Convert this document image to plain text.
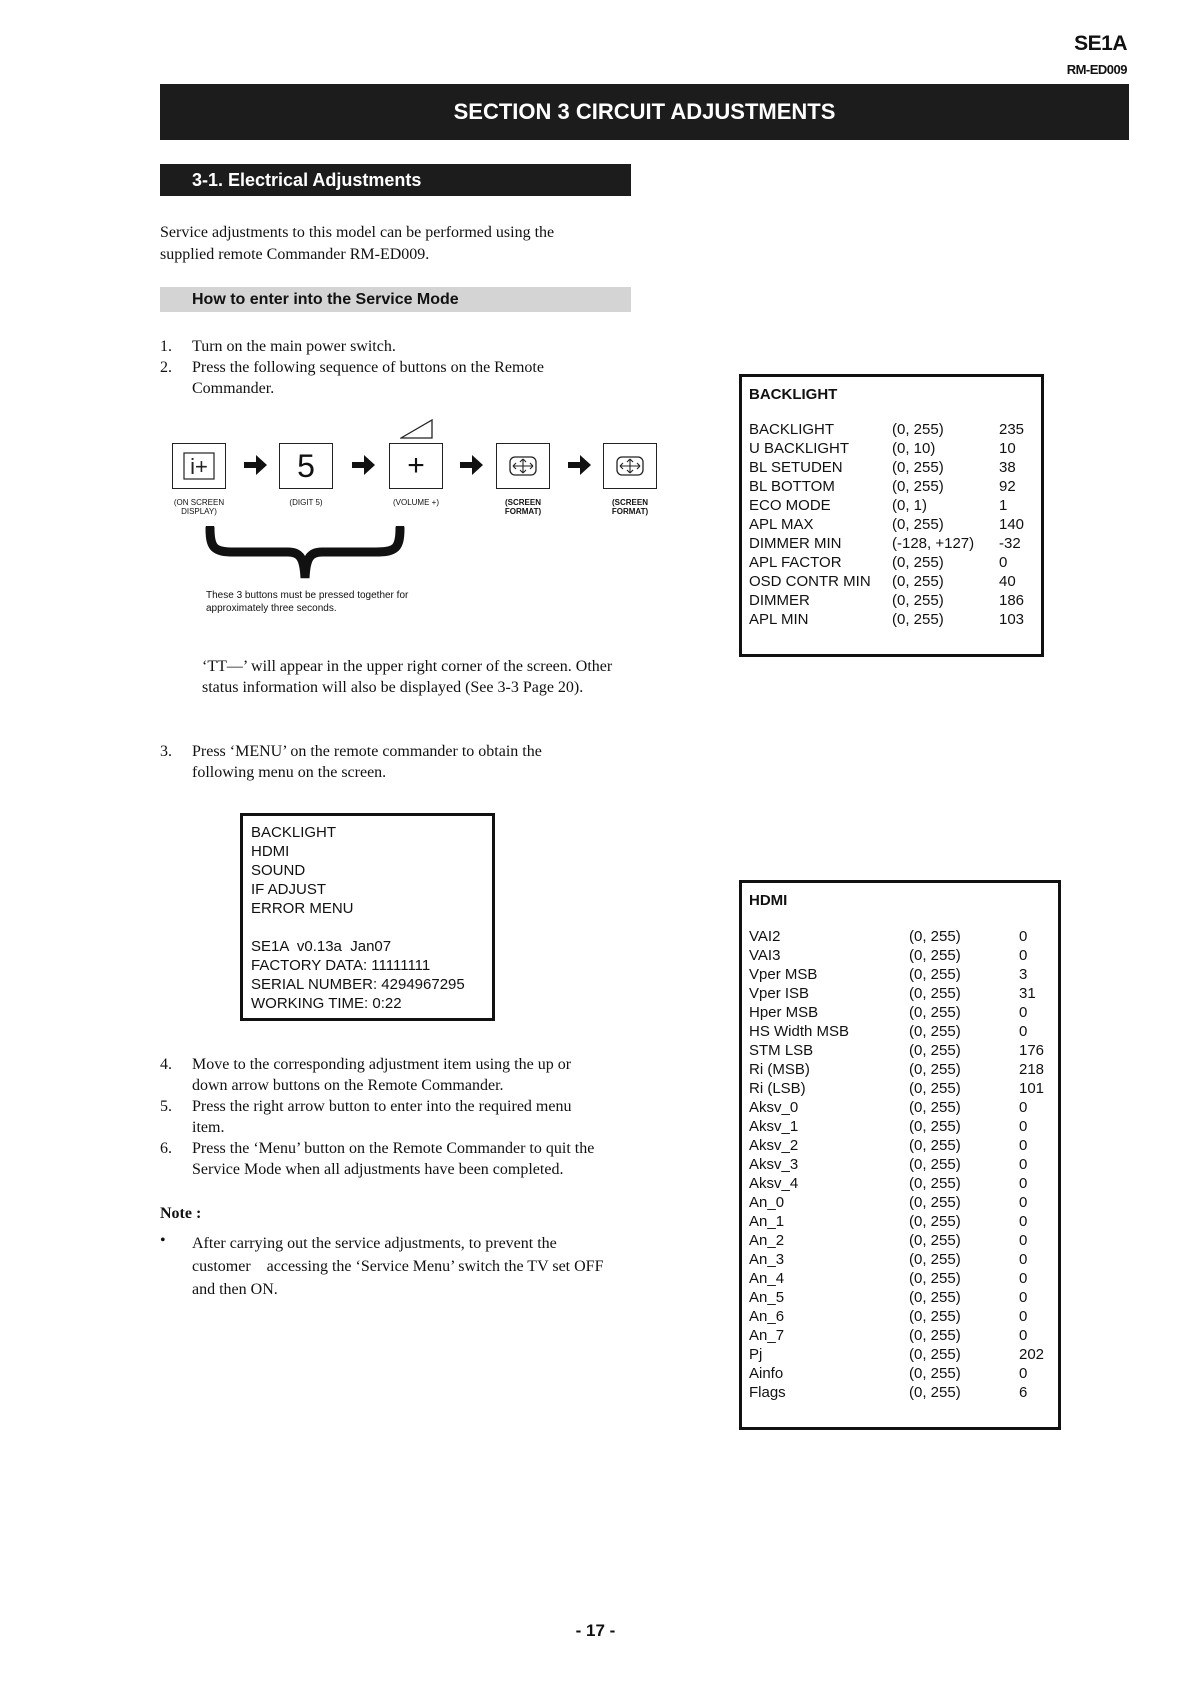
SE1A
RM-ED009
SECTION 3 CIRCUIT ADJUSTMENTS
3-1. Electrical Adjustments
Service adjustments to this model can be performed using the supplied remote Commander RM-ED009.
How to enter into the Service Mode
1. Turn on the main power switch.
2. Press the following sequence of buttons on the Remote Commander.
i+	5	+
(ON SCREEN DISPLAY)
(DIGIT 5)	(VOLUME +)	(SCREEN FORMAT)
(SCREEN FORMAT)
These 3 buttons must be pressed together for approximately three seconds.
‘TT—’ will appear in the upper right corner of the screen. Other status information will also be displayed (See 3-3 Page 20).
3. Press ‘MENU’ on the remote commander to obtain the following menu on the screen.
BACKLIGHT
HDMI
SOUND
IF ADJUST
ERROR MENU
SE1A  v0.13a  Jan07
FACTORY DATA: 11111111
SERIAL NUMBER: 4294967295
WORKING TIME: 0:22
4. Move to the corresponding adjustment item using the up or down arrow buttons on the Remote Commander.
5. Press the right arrow button to enter into the required menu item.
6. Press the ‘Menu’ button on the Remote Commander to quit the Service Mode when all adjustments have been completed.
Note :
• After carrying out the service adjustments, to prevent the customer    accessing the ‘Service Menu’ switch the TV set OFF and then ON.
BACKLIGHT
BACKLIGHT	(0, 255)	235
U BACKLIGHT	(0, 10)	10
BL SETUDEN	(0, 255)	38
BL BOTTOM	(0, 255)	92
ECO MODE	(0, 1)	1
APL MAX	(0, 255)	140
DIMMER MIN	(-128, +127) -32
APL FACTOR	(0, 255)	0
OSD CONTR MIN (0, 255)	40
DIMMER	(0, 255)	186
APL MIN	(0, 255)	103
HDMI
VAI2	(0, 255)	0
VAI3	(0, 255)	0
Vper MSB	(0, 255)	3
Vper ISB	(0, 255)	31
Hper MSB	(0, 255)	0
HS Width MSB	(0, 255)	0
STM LSB	(0, 255)	176
Ri (MSB)	(0, 255)	218
Ri (LSB)	(0, 255)	101
Aksv_0	(0, 255)	0
Aksv_1	(0, 255)	0
Aksv_2	(0, 255)	0
Aksv_3	(0, 255)	0
Aksv_4	(0, 255)	0
An_0	(0, 255)	0
An_1	(0, 255)	0
An_2	(0, 255)	0
An_3	(0, 255)	0
An_4	(0, 255)	0
An_5	(0, 255)	0
An_6	(0, 255)	0
An_7	(0, 255)	0
Pj	(0, 255)	202
Ainfo	(0, 255)	0
Flags	(0, 255)	6
- 17 -
